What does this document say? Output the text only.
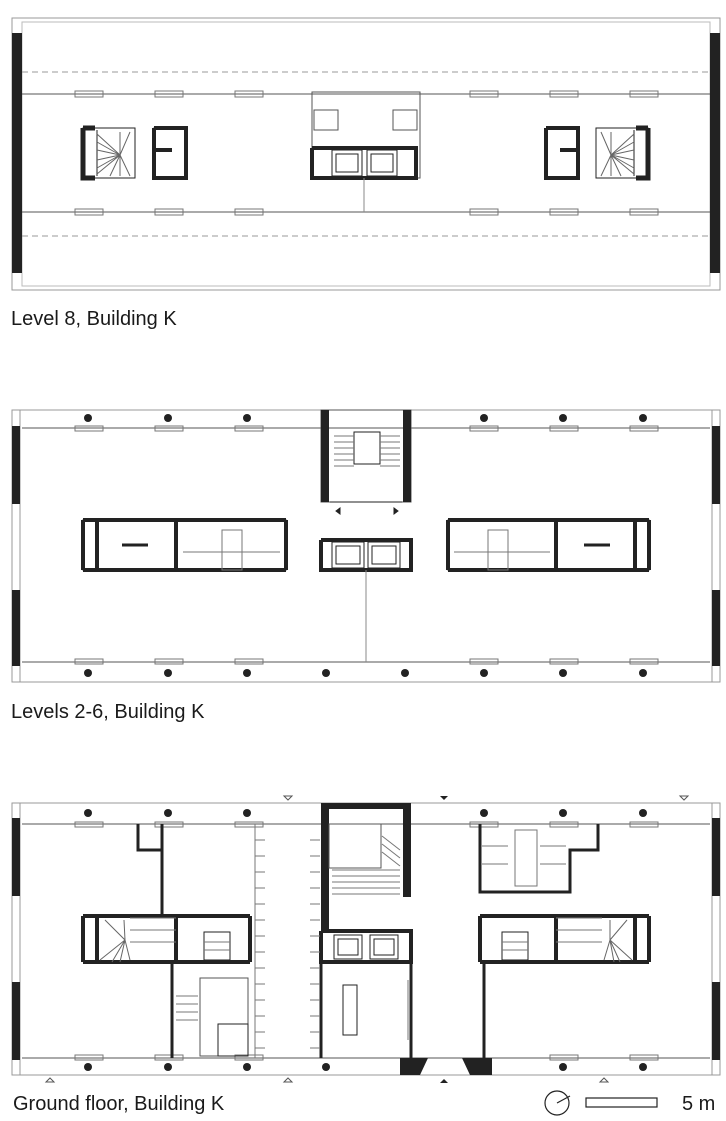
Level 8, Building K
Levels 2-6, Building K
Ground floor, Building K	5 m
